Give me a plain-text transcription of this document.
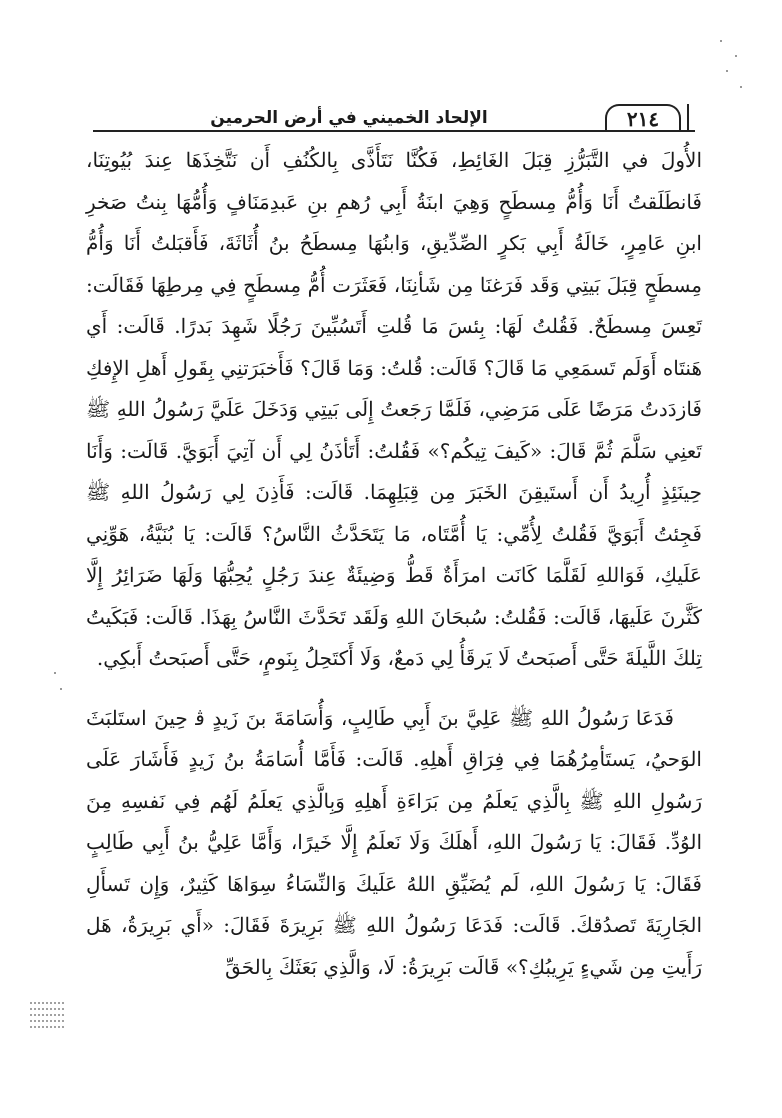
٢١٤
الإلحاد الخميني في أرض الحرمين

الأُولَ في التَّبَرُّزِ قِبَلَ الغَائِطِ، فَكُنَّا نَتَأَذَّى بِالكُنُفِ أَن نَتَّخِذَهَا عِندَ بُيُوتِنَا، فَانطَلَقتُ أَنَا وَأُمُّ مِسطَحٍ وَهِيَ ابنَةُ أَبِي رُهمِ بنِ عَبدِمَنَافٍ وَأُمُّهَا بِنتُ صَخرِ ابنِ عَامِرٍ، خَالَةُ أَبِي بَكرٍ الصِّدِّيقِ، وَابنُهَا مِسطَحُ بنُ أُثَاثَةَ، فَأَقبَلتُ أَنَا وَأُمُّ مِسطَحٍ قِبَلَ بَيتِي وَقَد فَرَغنَا مِن شَأنِنَا، فَعَثَرَت أُمُّ مِسطَحٍ فِي مِرطِهَا فَقَالَت: تَعِسَ مِسطَحٌ. فَقُلتُ لَهَا: بِئسَ مَا قُلتِ أَتَسُبِّينَ رَجُلًا شَهِدَ بَدرًا. قَالَت: أَي هَنتَاه أَوَلَم تَسمَعِي مَا قَالَ؟ قَالَت: قُلتُ: وَمَا قَالَ؟ فَأَخبَرَتنِي بِقَولِ أَهلِ الإِفكِ فَازدَدتُ مَرَضًا عَلَى مَرَضِي، فَلَمَّا رَجَعتُ إِلَى بَيتِي وَدَخَلَ عَلَيَّ رَسُولُ اللهِ ﷺ تَعنِي سَلَّمَ ثُمَّ قَالَ: «كَيفَ تِيكُم؟» فَقُلتُ: أَتَأذَنُ لِي أَن آتِيَ أَبَوَيَّ. قَالَت: وَأَنَا حِينَئِذٍ أُرِيدُ أَن أَستَيقِنَ الخَبَرَ مِن قِبَلِهِمَا. قَالَت: فَأَذِنَ لِي رَسُولُ اللهِ ﷺ فَجِئتُ أَبَوَيَّ فَقُلتُ لِأُمِّي: يَا أُمَّتَاه، مَا يَتَحَدَّثُ النَّاسُ؟ قَالَت: يَا بُنَيَّةُ، هَوِّنِي عَلَيكِ، فَوَاللهِ لَقَلَّمَا كَانَت امرَأَةٌ قَطُّ وَضِيئَةٌ عِندَ رَجُلٍ يُحِبُّهَا وَلَهَا ضَرَائِرُ إِلَّا كَثَّرنَ عَلَيهَا، قَالَت: فَقُلتُ: سُبحَانَ اللهِ وَلَقَد تَحَدَّثَ النَّاسُ بِهَذَا. قَالَت: فَبَكَيتُ تِلكَ اللَّيلَةَ حَتَّى أَصبَحتُ لَا يَرقَأُ لِي دَمعٌ، وَلَا أَكتَحِلُ بِنَومٍ، حَتَّى أَصبَحتُ أَبكِي.

فَدَعَا رَسُولُ اللهِ ﷺ عَلِيَّ بنَ أَبِي طَالِبٍ، وَأُسَامَةَ بنَ زَيدٍ ﭬ حِينَ استَلبَثَ الوَحيُ، يَستَأمِرُهُمَا فِي فِرَاقِ أَهلِهِ. قَالَت: فَأَمَّا أُسَامَةُ بنُ زَيدٍ فَأَشَارَ عَلَى رَسُولِ اللهِ ﷺ بِالَّذِي يَعلَمُ مِن بَرَاءَةِ أَهلِهِ وَبِالَّذِي يَعلَمُ لَهُم فِي نَفسِهِ مِنَ الوُدِّ. فَقَالَ: يَا رَسُولَ اللهِ، أَهلَكَ وَلَا نَعلَمُ إِلَّا خَيرًا، وَأَمَّا عَلِيُّ بنُ أَبِي طَالِبٍ فَقَالَ: يَا رَسُولَ اللهِ، لَم يُضَيِّقِ اللهُ عَلَيكَ وَالنِّسَاءُ سِوَاهَا كَثِيرٌ، وَإِن تَسأَلِ الجَارِيَةَ تَصدُقكَ. قَالَت: فَدَعَا رَسُولُ اللهِ ﷺ بَرِيرَةَ فَقَالَ: «أَي بَرِيرَةُ، هَل رَأَيتِ مِن شَيءٍ يَرِيبُكِ؟» قَالَت بَرِيرَةُ: لَا، وَالَّذِي بَعَثَكَ بِالحَقِّ
